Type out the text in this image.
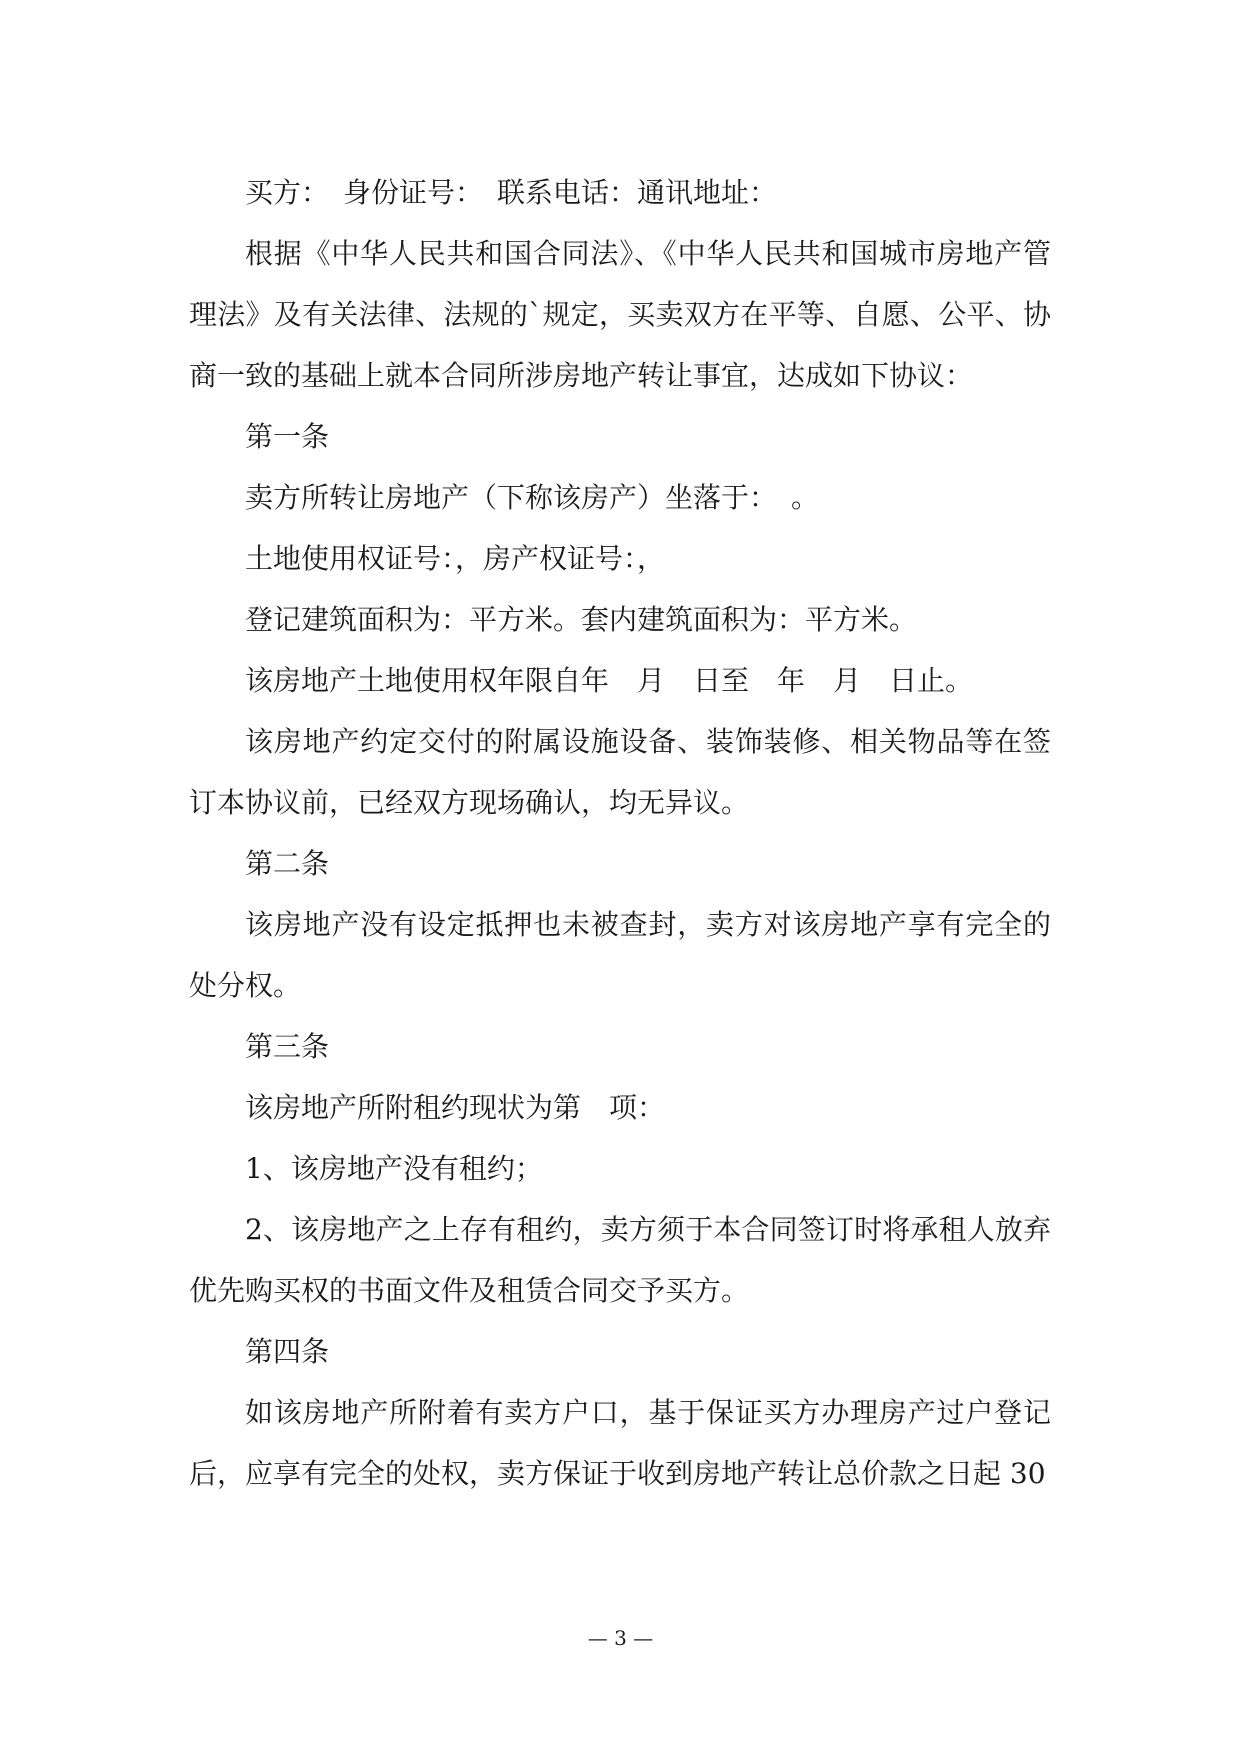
买方：　身份证号：　联系电话：通讯地址：

根据《中华人民共和国合同法》、《中华人民共和国城市房地产管理法》及有关法律、法规的`规定，买卖双方在平等、自愿、公平、协商一致的基础上就本合同所涉房地产转让事宜，达成如下协议：

第一条

卖方所转让房地产（下称该房产）坐落于：　。

土地使用权证号：，房产权证号：，

登记建筑面积为：平方米。套内建筑面积为：平方米。

该房地产土地使用权年限自年　月　日至　年　月　日止。

该房地产约定交付的附属设施设备、装饰装修、相关物品等在签订本协议前，已经双方现场确认，均无异议。

第二条

该房地产没有设定抵押也未被查封，卖方对该房地产享有完全的处分权。

第三条

该房地产所附租约现状为第　项：

1、该房地产没有租约；

2、该房地产之上存有租约，卖方须于本合同签订时将承租人放弃优先购买权的书面文件及租赁合同交予买方。

第四条

如该房地产所附着有卖方户口，基于保证买方办理房产过户登记后，应享有完全的处权，卖方保证于收到房地产转让总价款之日起 30

— 3 —
